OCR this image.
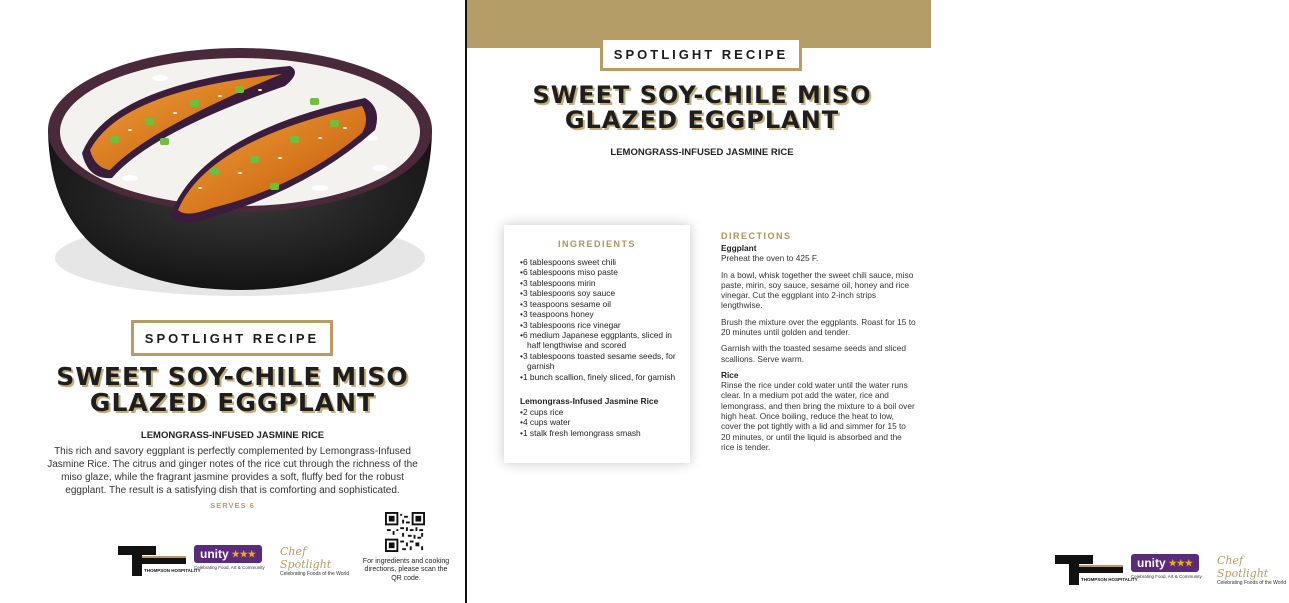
SPOTLIGHT RECIPE
SWEET SOY-CHILE MISO
GLAZED EGGPLANT
LEMONGRASS-INFUSED JASMINE RICE
This rich and savory eggplant is perfectly complemented by Lemongrass-Infused Jasmine Rice. The citrus and ginger notes of the rice cut through the richness of the miso glaze, while the fragrant jasmine provides a soft, fluffy bed for the robust eggplant. The result is a satisfying dish that is comforting and sophisticated.
SERVES 6
THOMPSON HOSPITALITY
unity ★★★
Celebrating Food, Art & Community
Chef Spotlight
Celebrating Foods of the World
For ingredients and cooking directions, please scan the QR code.
SPOTLIGHT RECIPE
SWEET SOY-CHILE MISO
GLAZED EGGPLANT
LEMONGRASS-INFUSED JASMINE RICE
INGREDIENTS
• 6 tablespoons sweet chili
• 6 tablespoons miso paste
• 3 tablespoons mirin
• 3 tablespoons soy sauce
• 3 teaspoons sesame oil
• 3 teaspoons honey
• 3 tablespoons rice vinegar
• 6 medium Japanese eggplants, sliced in half lengthwise and scored
• 3 tablespoons toasted sesame seeds, for garnish
• 1 bunch scallion, finely sliced, for garnish
Lemongrass-Infused Jasmine Rice
• 2 cups rice
• 4 cups water
• 1 stalk fresh lemongrass smash
DIRECTIONS

Eggplant

Preheat the oven to 425 F.

In a bowl, whisk together the sweet chili sauce, miso paste, mirin, soy sauce, sesame oil, honey and rice vinegar. Cut the eggplant into 2-inch strips lengthwise.

Brush the mixture over the eggplants. Roast for 15 to 20 minutes until golden and tender.

Garnish with the toasted sesame seeds and sliced scallions. Serve warm.

Rice

Rinse the rice under cold water until the water runs clear. In a medium pot add the water, rice and lemongrass, and then bring the mixture to a boil over high heat. Once boiling, reduce the heat to low, cover the pot tightly with a lid and simmer for 15 to 20 minutes, or until the liquid is absorbed and the rice is tender.

THOMPSON HOSPITALITY
unity ★★★
Celebrating Food, Art & Community
Chef Spotlight
Celebrating Foods of the World
